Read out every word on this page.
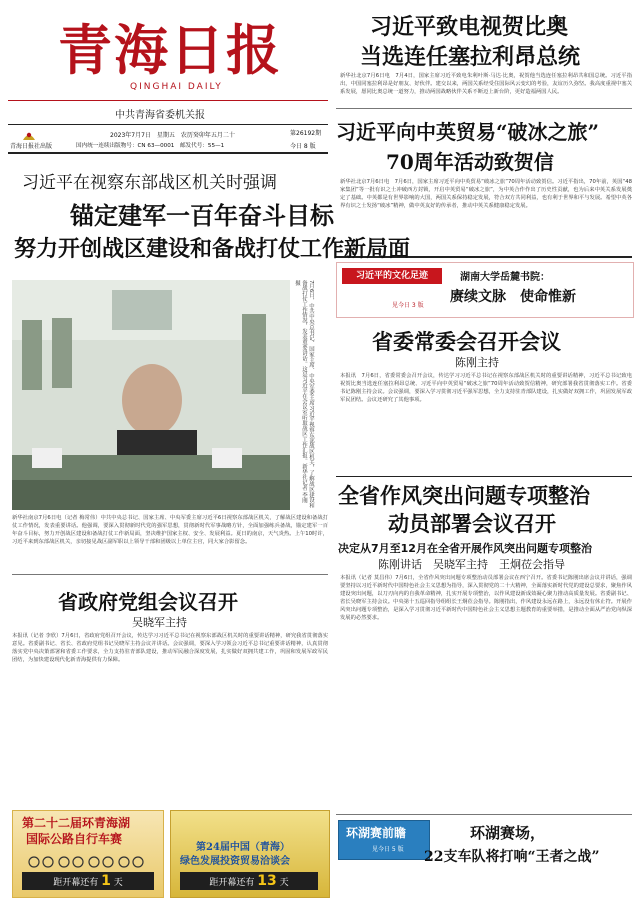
青海日报
QINGHAI DAILY
中共青海省委机关报
第26192期
2023年7月7日　星期五　农历癸卯年五月二十
青海日报社出版	国内统一连续出版物号：CN 63—0001　邮发代号：55—1	今日 8 版
习近平致电视贺比奥
当选连任塞拉利昂总统
新华社北京7月6日电　7月4日，国家主席习近平致电朱利叶斯·马达·比奥，祝贺他当选连任塞拉利昂共和国总统。习近平指出，中国同塞拉利昂是好朋友、好伙伴。建交以来，两国关系经受住国际风云变幻的考验，友谊历久弥坚。我高度重视中塞关系发展，愿同比奥总统一道努力，推动两国战略伙伴关系不断迈上新台阶，更好造福两国人民。
习近平向中英贸易“破冰之旅”
70周年活动致贺信
新华社北京7月6日电　7月6日，国家主席习近平向中英贸易“破冰之旅”70周年活动致贺信。习近平指出，70年前，英国“48家集团”等一批有识之士冲破西方封锁，开启中英贸易“破冰之旅”，为中英合作作出了历史性贡献，也为后来中英关系发展奠定了基础。中英都是有世界影响的大国，两国关系保持稳定发展，符合双方共同利益，也有利于世界和平与发展。希望中英各界有识之士发扬“破冰”精神，做中英友好的传承者，推动中英关系健康稳定发展。
习近平在视察东部战区机关时强调
锚定建军一百年奋斗目标
努力开创战区建设和备战打仗工作新局面
7月6日，中共中央总书记、国家主席、中央军委主席习近平视察东部战区机关，了解战区建设和备战打仗工作情况，发表重要讲话。这是习近平在会议室听取战区工作汇报。新华社记者 李刚 摄
新华社南京7月6日电（记者 梅常伟）中共中央总书记、国家主席、中央军委主席习近平6日视察东部战区机关，了解战区建设和备战打仗工作情况，发表重要讲话。他强调，要深入贯彻新时代党的强军思想，贯彻新时代军事战略方针，全面加强练兵备战，锚定建军一百年奋斗目标，努力开创战区建设和备战打仗工作新局面，坚决维护国家主权、安全、发展利益。夏日的南京，天气炎热。上午10时许，习近平来到东部战区机关，亲切接见战区副军职以上领导干部和团级以上单位主官，同大家合影留念。
习近平的文化足迹	湖南大学岳麓书院：
赓续文脉　使命惟新
见今日 3 版
省委常委会召开会议
陈刚主持
本报讯　7月6日，省委常委会召开会议，传达学习习近平总书记在视察东部战区机关时的重要讲话精神，习近平总书记致电祝贺比奥当选连任塞拉利昂总统、习近平向中英贸易“破冰之旅”70周年活动致贺信精神，研究部署我省贯彻落实工作。省委书记陈刚主持会议。会议强调，要深入学习贯彻习近平强军思想，全力支持驻青部队建设，扎实做好双拥工作，巩固发展军政军民团结。会议还研究了其他事项。
全省作风突出问题专项整治
动员部署会议召开
决定从7月至12月在全省开展作风突出问题专项整治
陈刚讲话　吴晓军主持　王炯莅会指导
本报讯（记者 莫昌伟）7月6日，全省作风突出问题专项整治动员部署会议在西宁召开。省委书记陈刚出席会议并讲话，强调要坚持以习近平新时代中国特色社会主义思想为指导，深入贯彻党的二十大精神，全面落实新时代党的建设总要求，聚焦作风建设突出问题，以刀刃向内的自我革命精神，扎实开展专项整治，以作风建设新成效凝心聚力推动高质量发展。省委副书记、省长吴晓军主持会议。中央第十五巡回指导组组长王炯莅会指导。陈刚指出，作风建设永远在路上，永远没有休止符。开展作风突出问题专项整治，是深入学习贯彻习近平新时代中国特色社会主义思想主题教育的重要举措，是推动全面从严治党向纵深发展的必然要求。
省政府党组会议召开
吴晓军主持
本报讯（记者 李欣）7月6日，省政府党组召开会议，传达学习习近平总书记在视察东部战区机关时的重要讲话精神，研究我省贯彻落实意见。省委副书记、省长、省政府党组书记吴晓军主持会议并讲话。会议强调，要深入学习领会习近平总书记重要讲话精神，认真贯彻落实党中央决策部署和省委工作要求，全力支持驻青部队建设，推动军民融合深度发展，扎实做好双拥共建工作，巩固和发展军政军民团结，为加快建设现代化新青海提供有力保障。
第二十二届环青海湖
国际公路自行车赛
距开幕还有 1 天
第24届中国（青海）
绿色发展投资贸易洽谈会
距开幕还有 13 天
环湖赛前瞻
见今日 5 版
环湖赛场，
22支车队将打响“王者之战”
